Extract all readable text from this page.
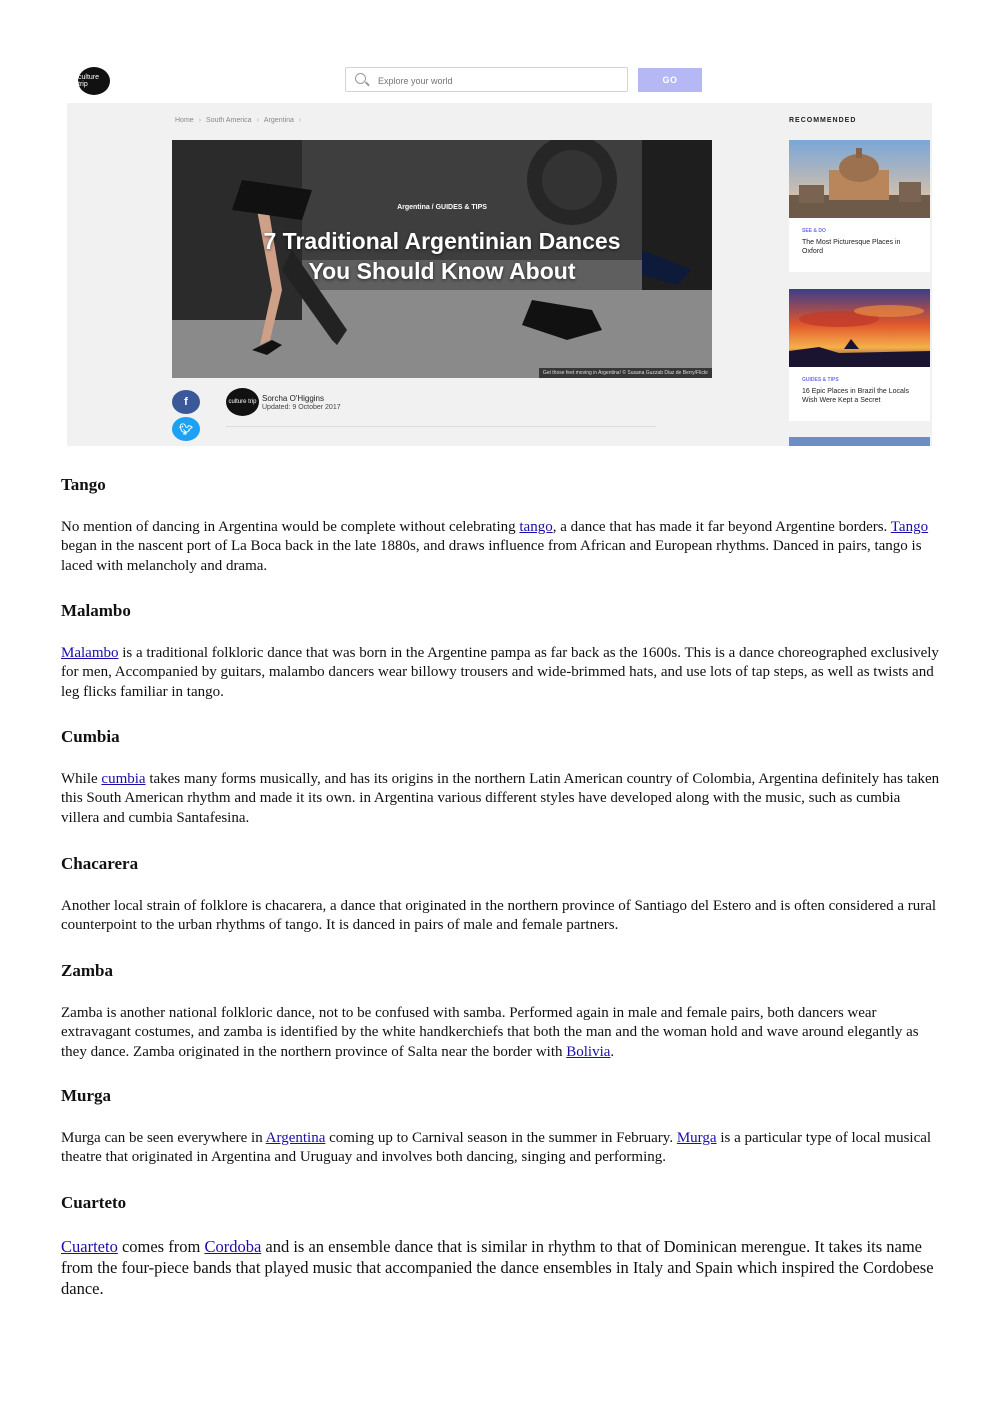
culture trip
Explore your world	GO
Home › South America › Argentina ›
Argentina / GUIDES & TIPS
7 Traditional Argentinian Dances You Should Know About
Get those feet moving in Argentina! © Susana Guzzab Diaz de Berry/Flickr
f
🐦︎
culture trip Sorcha O'Higgins
Updated: 9 October 2017
RECOMMENDED
SEE & DO
The Most Picturesque Places in Oxford
GUIDES & TIPS
16 Epic Places in Brazil the Locals Wish Were Kept a Secret
Tango

No mention of dancing in Argentina would be complete without celebrating tango, a dance that has made it far beyond Argentine borders. Tango began in the nascent port of La Boca back in the late 1880s, and draws influence from African and European rhythms. Danced in pairs, tango is laced with melancholy and drama.

Malambo

Malambo is a traditional folkloric dance that was born in the Argentine pampa as far back as the 1600s. This is a dance choreographed exclusively for men, Accompanied by guitars, malambo dancers wear billowy trousers and wide-brimmed hats, and use lots of tap steps, as well as twists and leg flicks familiar in tango.

Cumbia

While cumbia takes many forms musically, and has its origins in the northern Latin American country of Colombia, Argentina definitely has taken this South American rhythm and made it its own. in Argentina various different styles have developed along with the music, such as cumbia villera and cumbia Santafesina.

Chacarera

Another local strain of folklore is chacarera, a dance that originated in the northern province of Santiago del Estero and is often considered a rural counterpoint to the urban rhythms of tango. It is danced in pairs of male and female partners.

Zamba

Zamba is another national folkloric dance, not to be confused with samba. Performed again in male and female pairs, both dancers wear extravagant costumes, and zamba is identified by the white handkerchiefs that both the man and the woman hold and wave around elegantly as they dance. Zamba originated in the northern province of Salta near the border with Bolivia.

Murga

Murga can be seen everywhere in Argentina coming up to Carnival season in the summer in February. Murga is a particular type of local musical theatre that originated in Argentina and Uruguay and involves both dancing, singing and performing.

Cuarteto

Cuarteto comes from Cordoba and is an ensemble dance that is similar in rhythm to that of Dominican merengue. It takes its name from the four-piece bands that played music that accompanied the dance ensembles in Italy and Spain which inspired the Cordobese dance.
